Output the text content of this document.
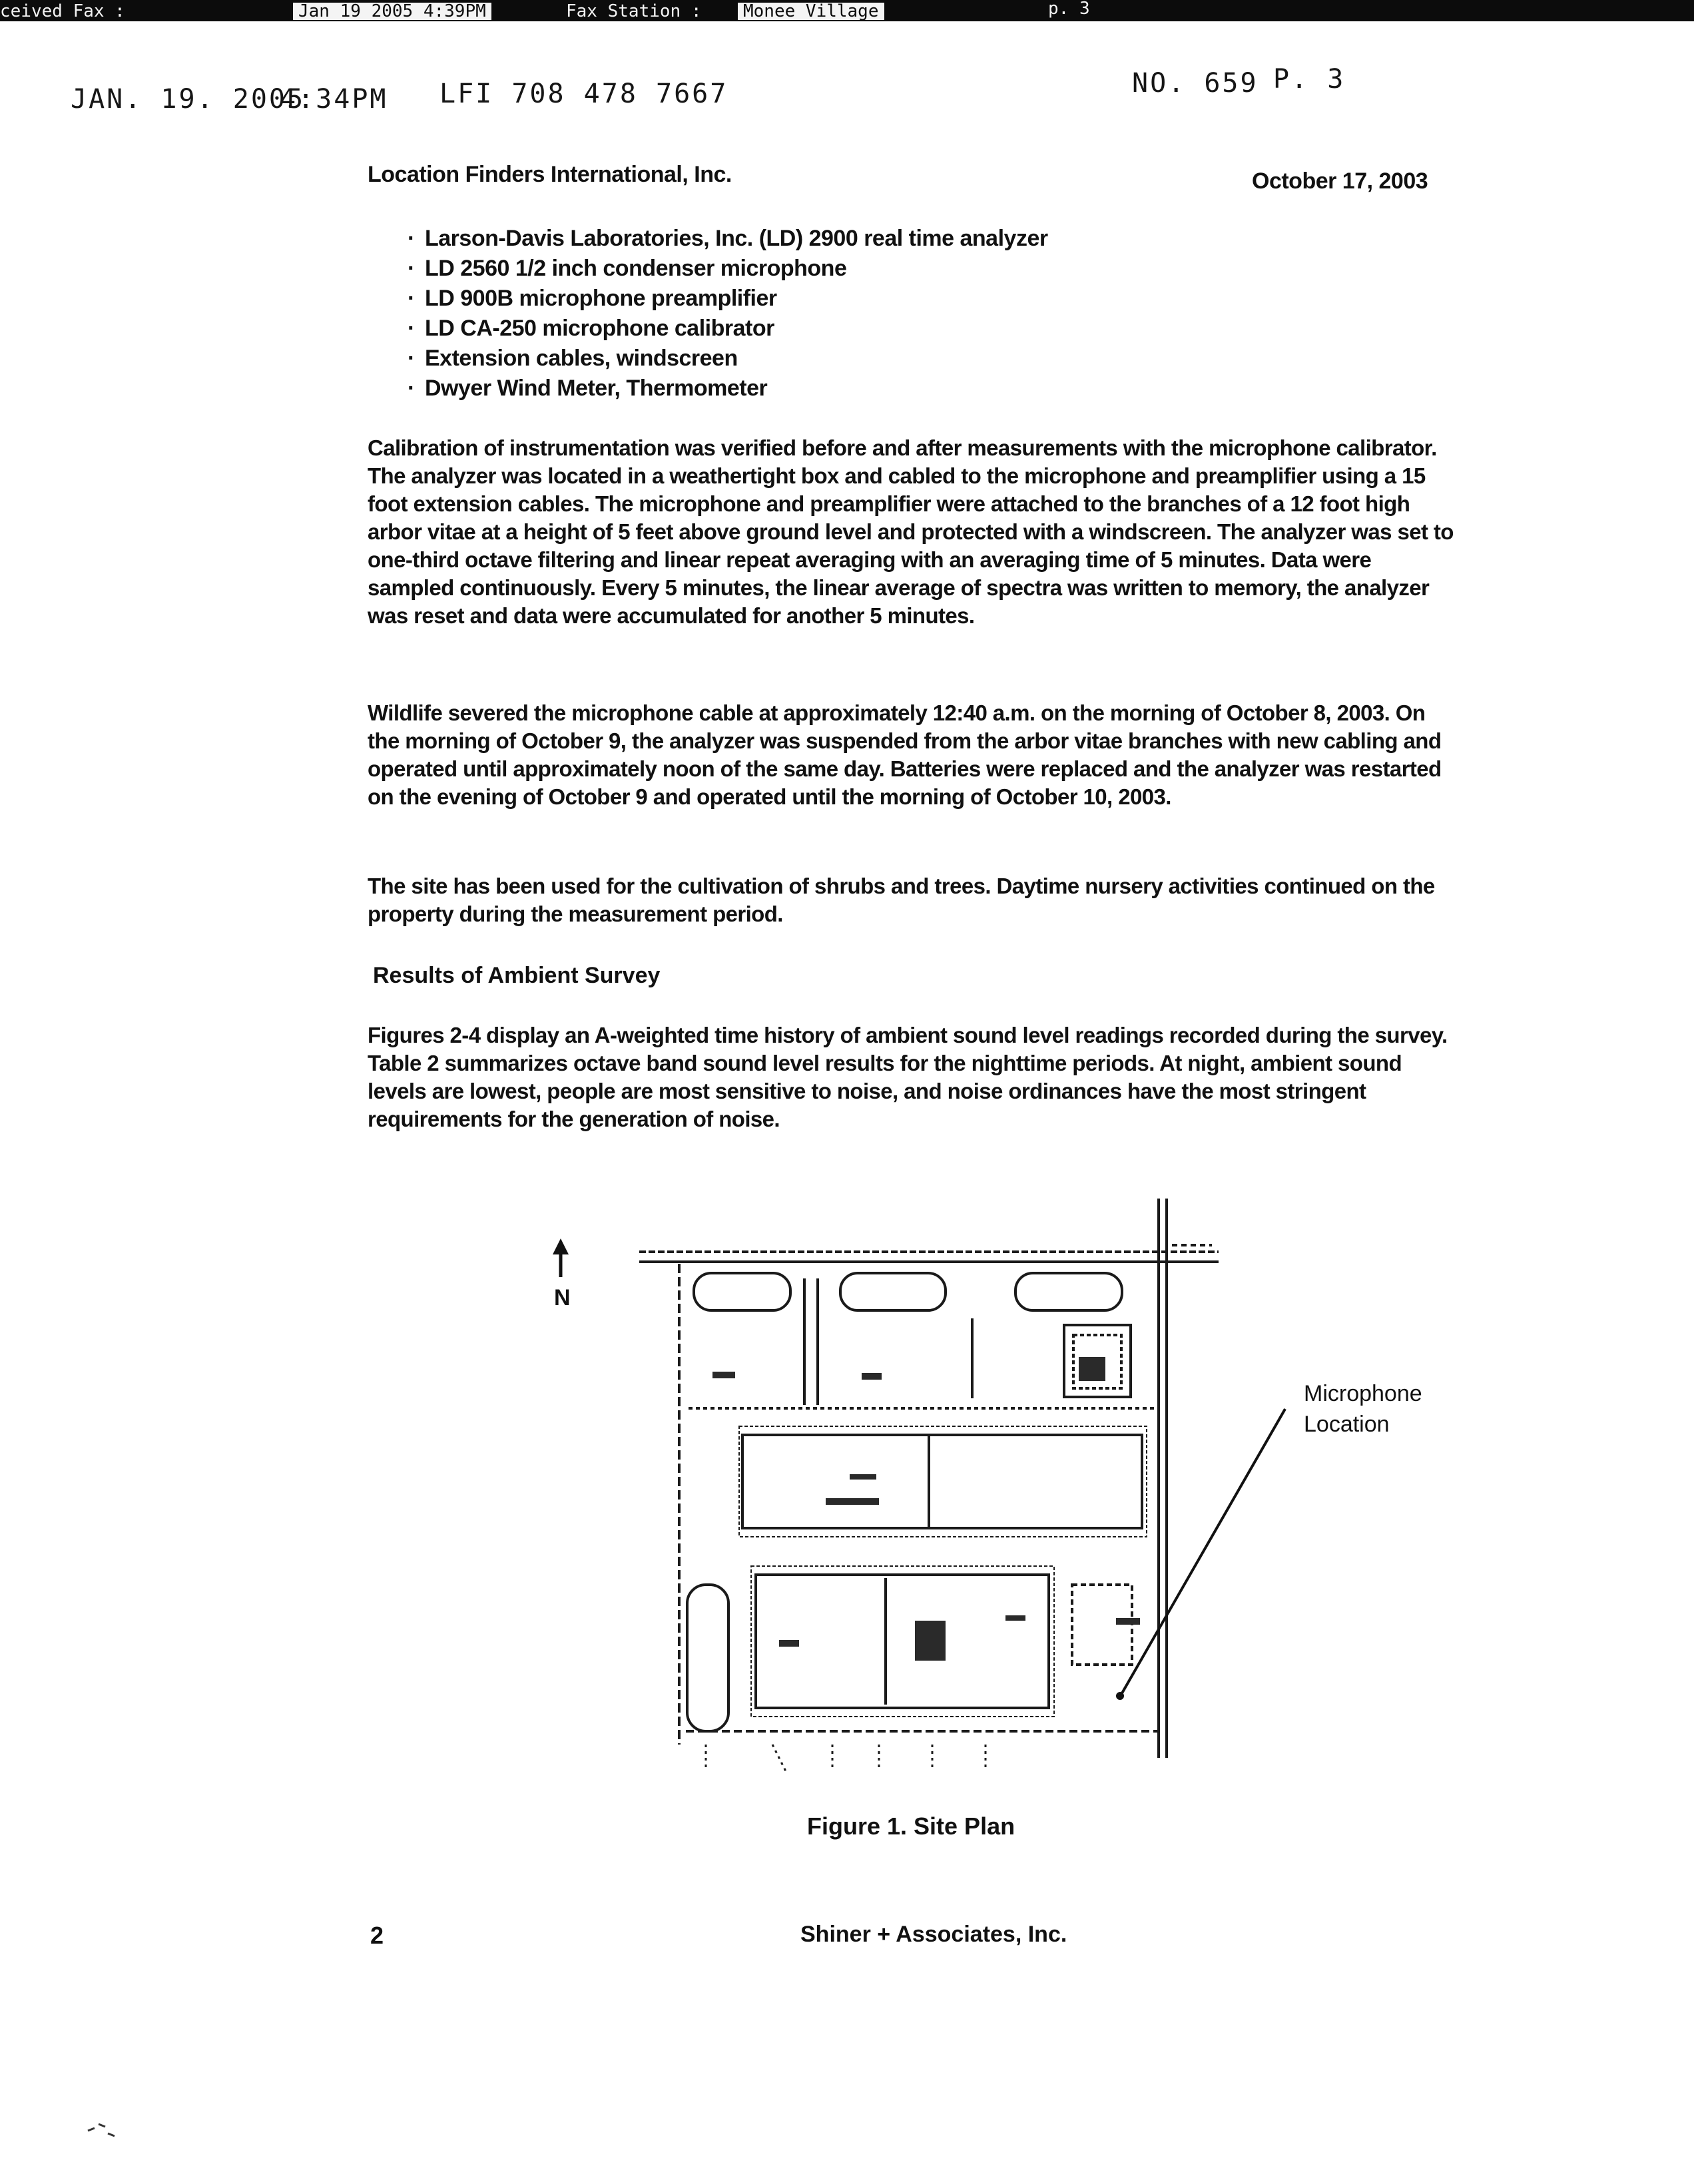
ceived Fax :	Jan 19 2005 4:39PM	Fax Station :	Monee Village	p. 3
JAN. 19. 2005
4:34PM LFI 708 478 7667	NO. 659 P. 3
Location Finders International, Inc.	October 17, 2003
· Larson-Davis Laboratories, Inc. (LD) 2900 real time analyzer
· LD 2560 1/2 inch condenser microphone
· LD 900B microphone preamplifier
· LD CA-250 microphone calibrator
· Extension cables, windscreen
· Dwyer Wind Meter, Thermometer

Calibration of instrumentation was verified before and after measurements with the microphone calibrator. The analyzer was located in a weathertight box and cabled to the microphone and preamplifier using a 15 foot extension cables. The microphone and preamplifier were attached to the branches of a 12 foot high arbor vitae at a height of 5 feet above ground level and protected with a windscreen. The analyzer was set to one-third octave filtering and linear repeat averaging with an averaging time of 5 minutes. Data were sampled continuously. Every 5 minutes, the linear average of spectra was written to memory, the analyzer was reset and data were accumulated for another 5 minutes.

Wildlife severed the microphone cable at approximately 12:40 a.m. on the morning of October 8, 2003. On the morning of October 9, the analyzer was suspended from the arbor vitae branches with new cabling and operated until approximately noon of the same day. Batteries were replaced and the analyzer was restarted on the evening of October 9 and operated until the morning of October 10, 2003.

The site has been used for the cultivation of shrubs and trees. Daytime nursery activities continued on the property during the measurement period.

Results of Ambient Survey

Figures 2-4 display an A-weighted time history of ambient sound level readings recorded during the survey. Table 2 summarizes octave band sound level results for the nighttime periods. At night, ambient sound levels are lowest, people are most sensitive to noise, and noise ordinances have the most stringent requirements for the generation of noise.

N
Microphone
Location
Figure 1. Site Plan
2	Shiner + Associates, Inc.
